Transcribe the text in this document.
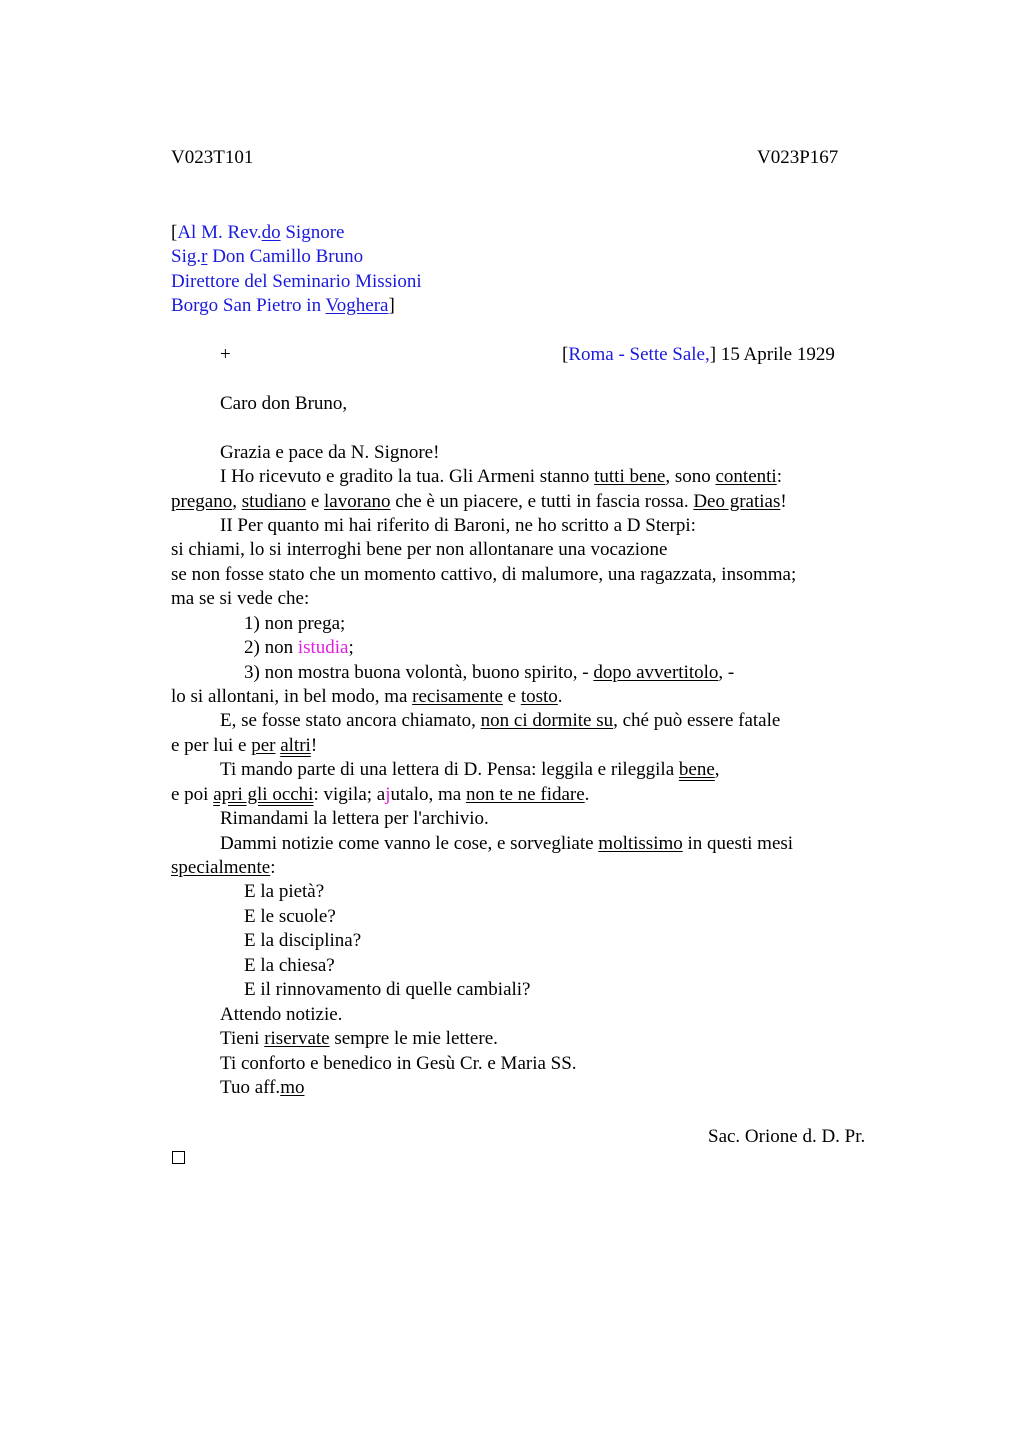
V023T101	V023P167
[Al M. Rev.do Signore
Sig.r Don Camillo Bruno
Direttore del Seminario Missioni
Borgo San Pietro in Voghera]
+	[Roma - Sette Sale,] 15 Aprile 1929
Caro don Bruno,
Grazia e pace da N. Signore!
I Ho ricevuto e gradito la tua. Gli Armeni stanno tutti bene, sono contenti:
pregano, studiano e lavorano che è un piacere, e tutti in fascia rossa. Deo gratias!
II Per quanto mi hai riferito di Baroni, ne ho scritto a D Sterpi:
si chiami, lo si interroghi bene per non allontanare una vocazione
se non fosse stato che un momento cattivo, di malumore, una ragazzata, insomma;
ma se si vede che:
1) non prega;
2) non istudia;
3) non mostra buona volontà, buono spirito, - dopo avvertitolo, -
lo si allontani, in bel modo, ma recisamente e tosto.
E, se fosse stato ancora chiamato, non ci dormite su, ché può essere fatale
e per lui e per altri!
Ti mando parte di una lettera di D. Pensa: leggila e rileggila bene,
e poi apri gli occhi: vigila; ajutalo, ma non te ne fidare.
Rimandami la lettera per l'archivio.
Dammi notizie come vanno le cose, e sorvegliate moltissimo in questi mesi
specialmente:
E la pietà?
E le scuole?
E la disciplina?
E la chiesa?
E il rinnovamento di quelle cambiali?
Attendo notizie.
Tieni riservate sempre le mie lettere.
Ti conforto e benedico in Gesù Cr. e Maria SS.
Tuo aff.mo
Sac. Orione d. D. Pr.
